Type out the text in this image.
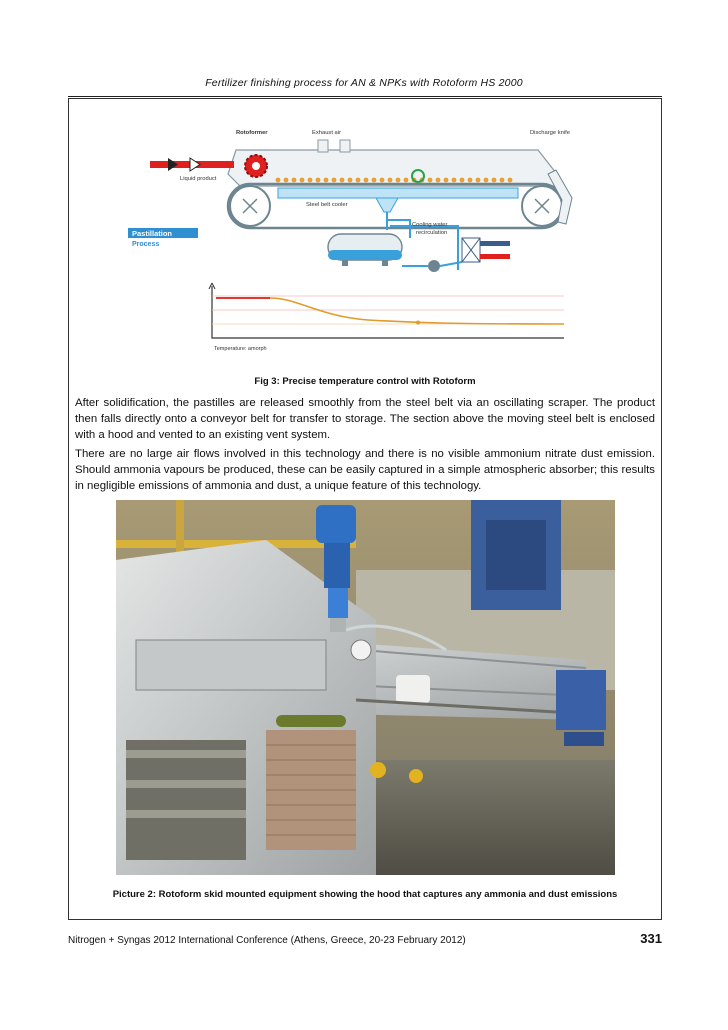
Fertilizer finishing process for AN & NPKs with Rotoform HS 2000
Rotoformer	Exhaust air	Discharge knife
Liquid product
Steel belt cooler
Cooling water
recirculation
Pastillation
Process
Temperature: amorph
Fig 3: Precise temperature control with Rotoform

After solidification, the pastilles are released smoothly from the steel belt via an oscillating scraper. The product then falls directly onto a conveyor belt for transfer to storage. The section above the moving steel belt is enclosed with a hood and vented to an existing vent system.

There are no large air flows involved in this technology and there is no visible ammonium nitrate dust emission. Should ammonia vapours be produced, these can be easily captured in a simple atmospheric absorber; this results in negligible emissions of ammonia and dust, a unique feature of this technology.

Picture 2: Rotoform skid mounted equipment showing the hood that captures any ammonia and dust emissions
Nitrogen + Syngas 2012 International Conference (Athens, Greece, 20-23 February 2012)	331
